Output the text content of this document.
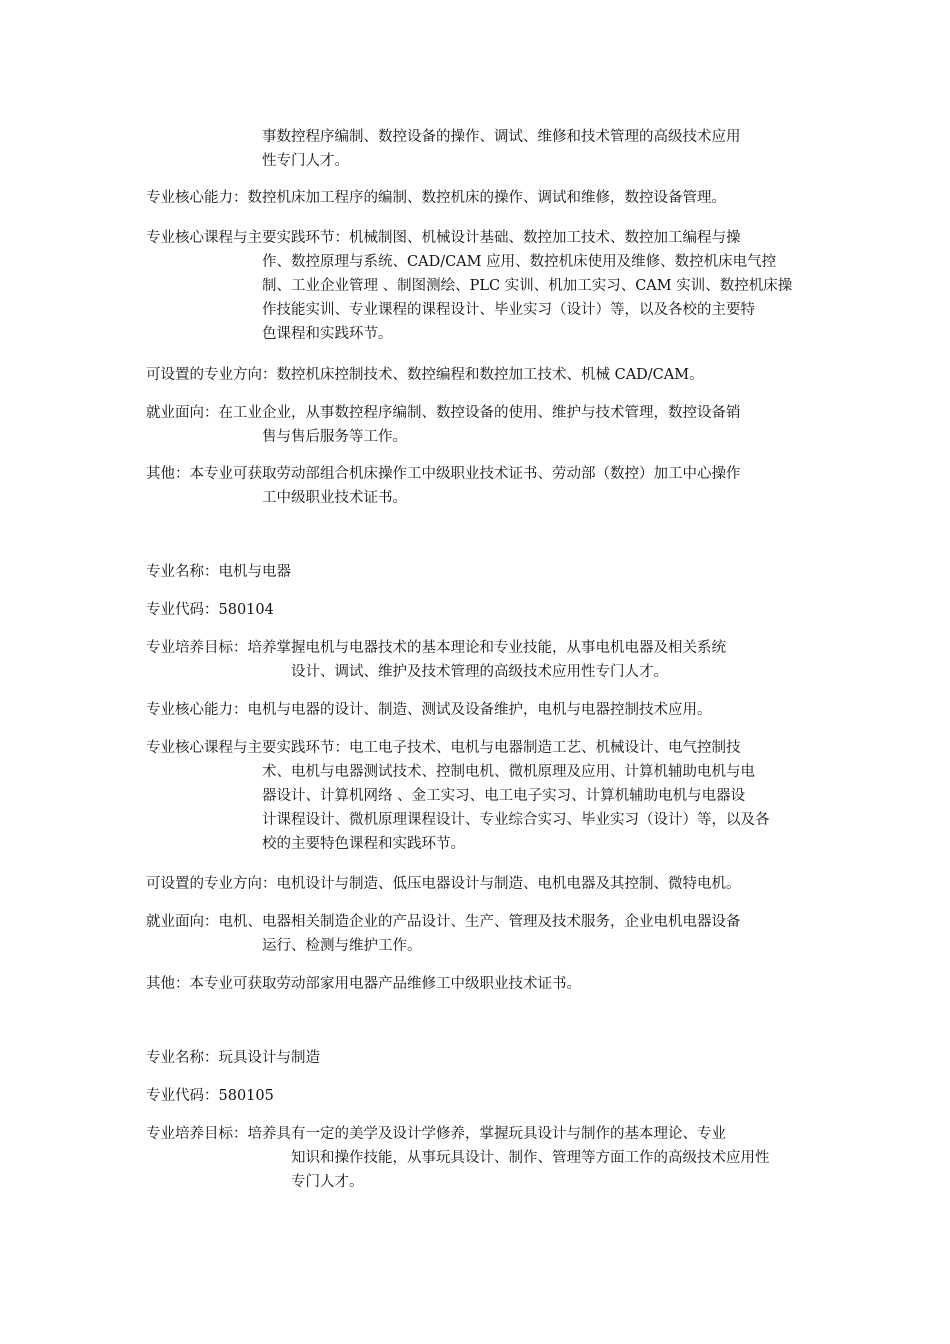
事数控程序编制、数控设备的操作、调试、维修和技术管理的高级技术应用
性专门人才。
专业核心能力：数控机床加工程序的编制、数控机床的操作、调试和维修，数控设备管理。
专业核心课程与主要实践环节：机械制图、机械设计基础、数控加工技术、数控加工编程与操
作、数控原理与系统、CAD/CAM 应用、数控机床使用及维修、数控机床电气控
制、工业企业管理 、制图测绘、PLC 实训、机加工实习、CAM 实训、数控机床操
作技能实训、专业课程的课程设计、毕业实习（设计）等，以及各校的主要特
色课程和实践环节。
可设置的专业方向：数控机床控制技术、数控编程和数控加工技术、机械 CAD/CAM。
就业面向：在工业企业，从事数控程序编制、数控设备的使用、维护与技术管理，数控设备销
售与售后服务等工作。
其他：本专业可获取劳动部组合机床操作工中级职业技术证书、劳动部（数控）加工中心操作
工中级职业技术证书。
专业名称：电机与电器
专业代码：580104
专业培养目标：培养掌握电机与电器技术的基本理论和专业技能，从事电机电器及相关系统
设计、调试、维护及技术管理的高级技术应用性专门人才。
专业核心能力：电机与电器的设计、制造、测试及设备维护，电机与电器控制技术应用。
专业核心课程与主要实践环节：电工电子技术、电机与电器制造工艺、机械设计、电气控制技
术、电机与电器测试技术、控制电机、微机原理及应用、计算机辅助电机与电
器设计、计算机网络 、金工实习、电工电子实习、计算机辅助电机与电器设
计课程设计、微机原理课程设计、专业综合实习、毕业实习（设计）等，以及各
校的主要特色课程和实践环节。
可设置的专业方向：电机设计与制造、低压电器设计与制造、电机电器及其控制、微特电机。
就业面向：电机、电器相关制造企业的产品设计、生产、管理及技术服务，企业电机电器设备
运行、检测与维护工作。
其他：本专业可获取劳动部家用电器产品维修工中级职业技术证书。
专业名称：玩具设计与制造
专业代码：580105
专业培养目标：培养具有一定的美学及设计学修养，掌握玩具设计与制作的基本理论、专业
知识和操作技能，从事玩具设计、制作、管理等方面工作的高级技术应用性
专门人才。
